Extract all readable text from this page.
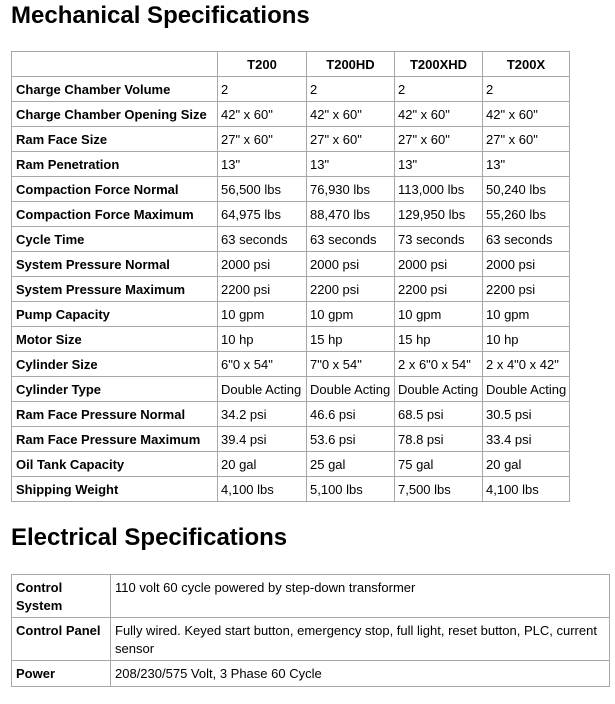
Mechanical Specifications
	T200	T200HD	T200XHD	T200X
Charge Chamber Volume	2	2	2	2
Charge Chamber Opening Size	42" x 60"	42" x 60"	42" x 60"	42" x 60"
Ram Face Size	27" x 60"	27" x 60"	27" x 60"	27" x 60"
Ram Penetration	13"	13"	13"	13"
Compaction Force Normal	56,500 lbs	76,930 lbs	113,000 lbs	50,240 lbs
Compaction Force Maximum	64,975 lbs	88,470 lbs	129,950 lbs	55,260 lbs
Cycle Time	63 seconds	63 seconds	73 seconds	63 seconds
System Pressure Normal	2000 psi	2000 psi	2000 psi	2000 psi
System Pressure Maximum	2200 psi	2200 psi	2200 psi	2200 psi
Pump Capacity	10 gpm	10 gpm	10 gpm	10 gpm
Motor Size	10 hp	15 hp	15 hp	10 hp
Cylinder Size	6"0 x 54"	7"0 x 54"	2 x 6"0 x 54"	2 x 4"0 x 42"
Cylinder Type	Double Acting	Double Acting	Double Acting	Double Acting
Ram Face Pressure Normal	34.2 psi	46.6 psi	68.5 psi	30.5 psi
Ram Face Pressure Maximum	39.4 psi	53.6 psi	78.8 psi	33.4 psi
Oil Tank Capacity	20 gal	25 gal	75 gal	20 gal
Shipping Weight	4,100 lbs	5,100 lbs	7,500 lbs	4,100 lbs
Electrical Specifications
Control System	110 volt 60 cycle powered by step-down transformer
Control Panel	Fully wired. Keyed start button, emergency stop, full light, reset button, PLC, current sensor
Power	208/230/575 Volt, 3 Phase 60 Cycle
